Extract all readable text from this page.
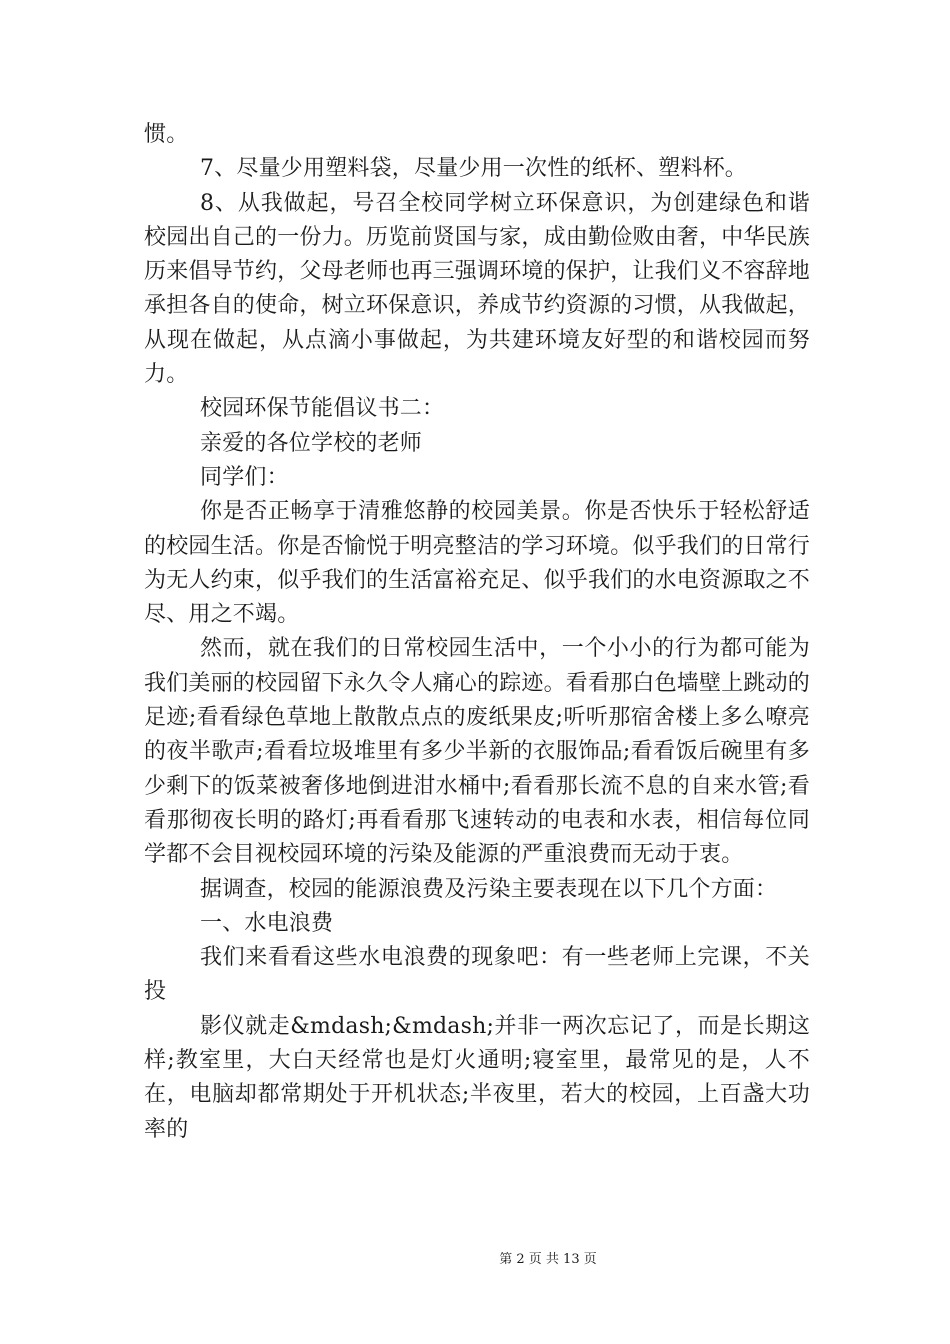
惯。

7、尽量少用塑料袋，尽量少用一次性的纸杯、塑料杯。

8、从我做起，号召全校同学树立环保意识，为创建绿色和谐校园出自己的一份力。历览前贤国与家，成由勤俭败由奢，中华民族历来倡导节约，父母老师也再三强调环境的保护，让我们义不容辞地承担各自的使命，树立环保意识，养成节约资源的习惯，从我做起，从现在做起，从点滴小事做起，为共建环境友好型的和谐校园而努力。

校园环保节能倡议书二：

亲爱的各位学校的老师

同学们：

你是否正畅享于清雅悠静的校园美景。你是否快乐于轻松舒适的校园生活。你是否愉悦于明亮整洁的学习环境。似乎我们的日常行为无人约束，似乎我们的生活富裕充足、似乎我们的水电资源取之不尽、用之不竭。

然而，就在我们的日常校园生活中，一个小小的行为都可能为我们美丽的校园留下永久令人痛心的踪迹。看看那白色墙壁上跳动的足迹;看看绿色草地上散散点点的废纸果皮;听听那宿舍楼上多么嘹亮的夜半歌声;看看垃圾堆里有多少半新的衣服饰品;看看饭后碗里有多少剩下的饭菜被奢侈地倒进泔水桶中;看看那长流不息的自来水管;看看那彻夜长明的路灯;再看看那飞速转动的电表和水表，相信每位同学都不会目视校园环境的污染及能源的严重浪费而无动于衷。

据调查，校园的能源浪费及污染主要表现在以下几个方面：

一、水电浪费

我们来看看这些水电浪费的现象吧：有一些老师上完课，不关投

影仪就走&mdash;&mdash;并非一两次忘记了，而是长期这样;教室里，大白天经常也是灯火通明;寝室里，最常见的是，人不在，电脑却都常期处于开机状态;半夜里，若大的校园，上百盏大功率的

第 2 页 共 13 页
